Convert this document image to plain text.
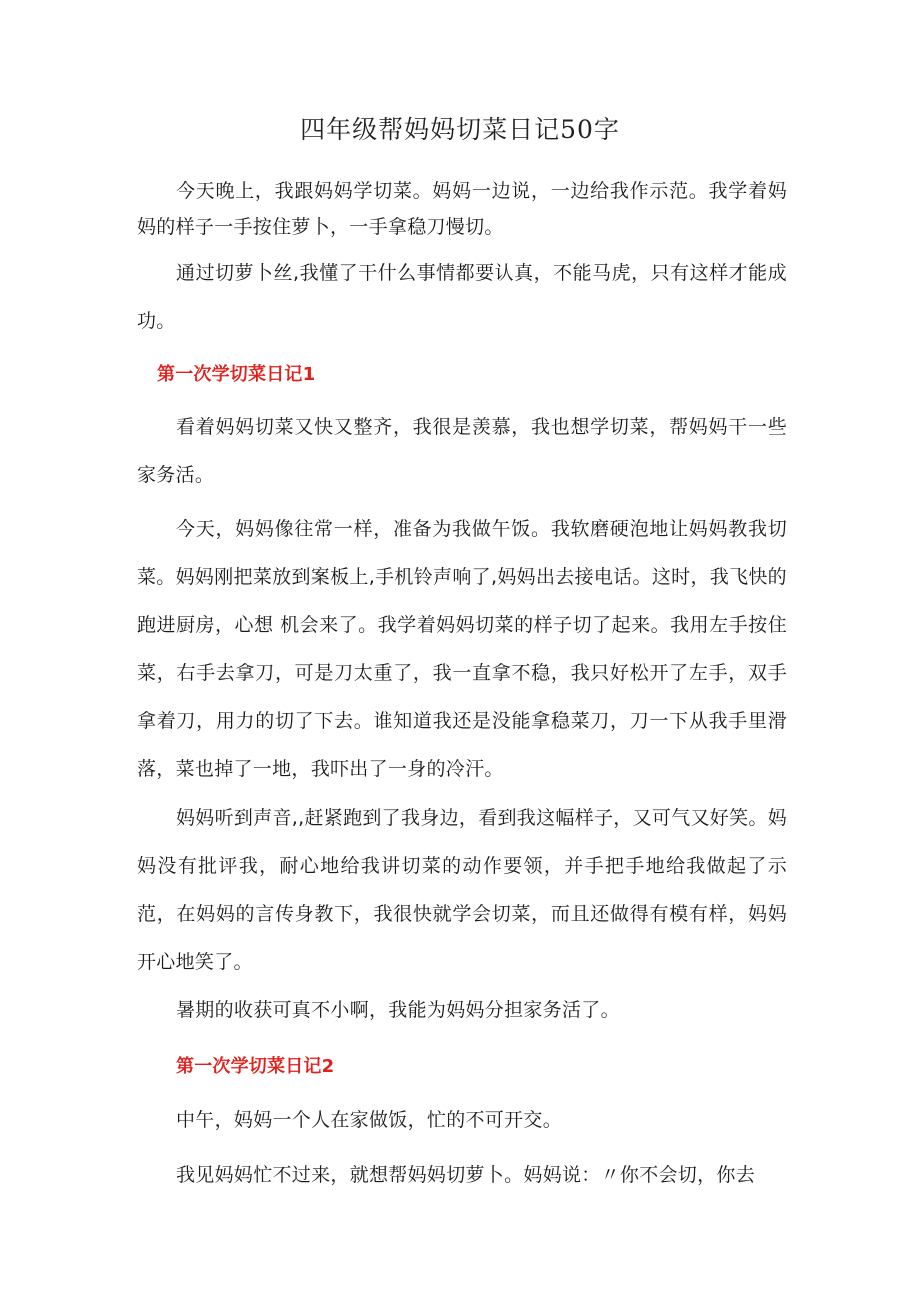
四年级帮妈妈切菜日记50字

今天晚上，我跟妈妈学切菜。妈妈一边说，一边给我作示范。我学着妈妈的样子一手按住萝卜，一手拿稳刀慢切。

通过切萝卜丝,我懂了干什么事情都要认真，不能马虎，只有这样才能成功。

第一次学切菜日记1

看着妈妈切菜又快又整齐，我很是羡慕，我也想学切菜，帮妈妈干一些家务活。

今天，妈妈像往常一样，准备为我做午饭。我软磨硬泡地让妈妈教我切菜。妈妈刚把菜放到案板上,手机铃声响了,妈妈出去接电话。这时，我飞快的跑进厨房，心想 机会来了。我学着妈妈切菜的样子切了起来。我用左手按住菜，右手去拿刀，可是刀太重了，我一直拿不稳，我只好松开了左手，双手拿着刀，用力的切了下去。谁知道我还是没能拿稳菜刀，刀一下从我手里滑落，菜也掉了一地，我吓出了一身的冷汗。

妈妈听到声音,,赶紧跑到了我身边，看到我这幅样子，又可气又好笑。妈妈没有批评我，耐心地给我讲切菜的动作要领，并手把手地给我做起了示范，在妈妈的言传身教下，我很快就学会切菜，而且还做得有模有样，妈妈开心地笑了。

暑期的收获可真不小啊，我能为妈妈分担家务活了。

第一次学切菜日记2

中午，妈妈一个人在家做饭，忙的不可开交。

我见妈妈忙不过来，就想帮妈妈切萝卜。妈妈说：〃你不会切，你去
